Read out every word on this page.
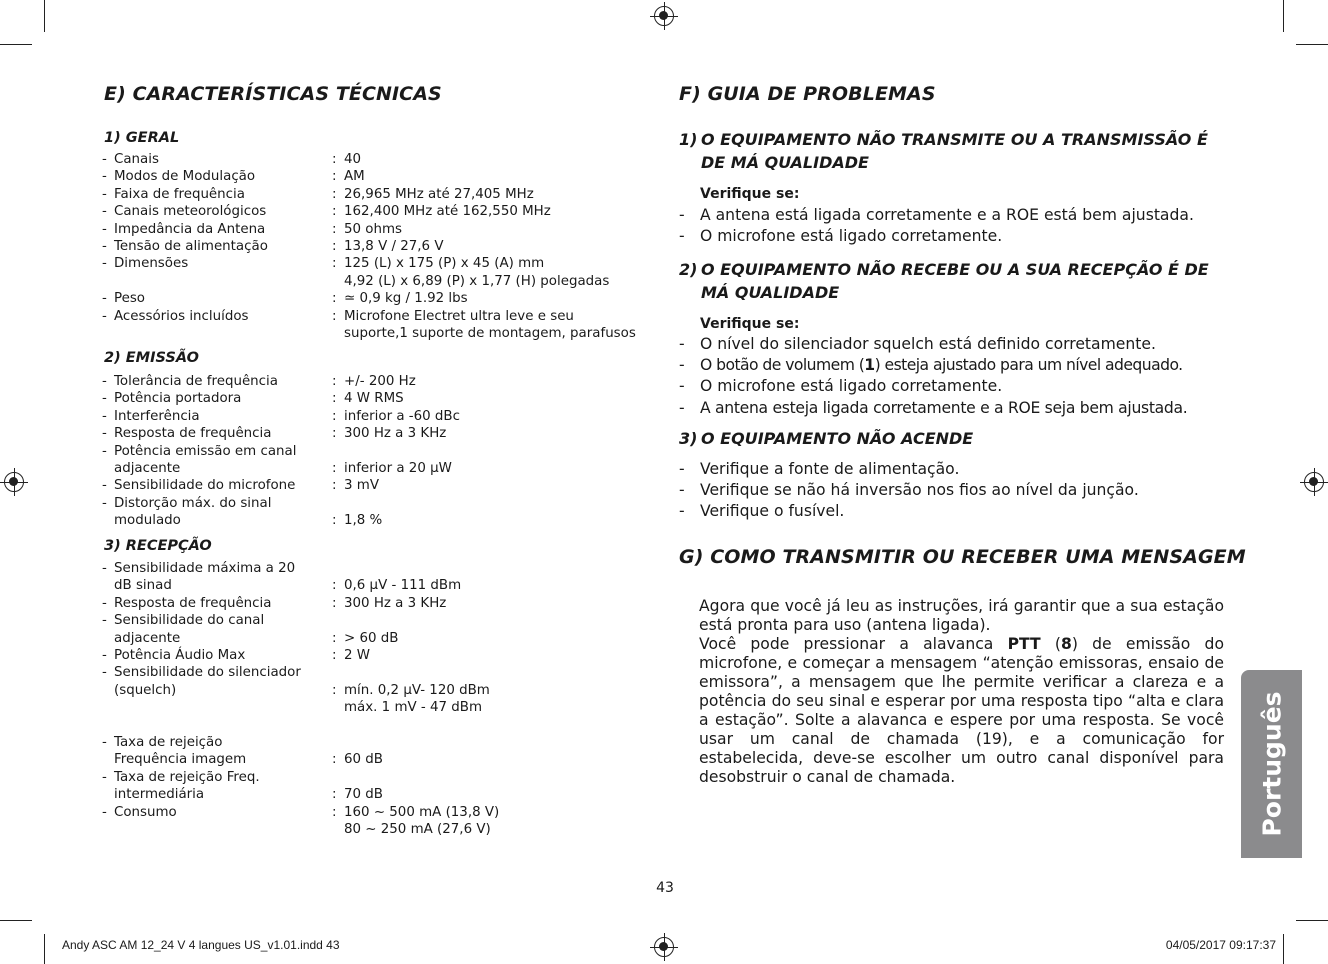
E) CARACTERÍSTICAS TÉCNICAS
1) GERAL
- Canais	: 40
- Modos de Modulação	: AM
- Faixa de frequência	: 26,965 MHz até 27,405 MHz
- Canais meteorológicos	: 162,400 MHz até 162,550 MHz
- Impedância da Antena	: 50 ohms
- Tensão de alimentação	: 13,8 V / 27,6 V
- Dimensões	: 125 (L) x 175 (P) x 45 (A) mm

4,92 (L) x 6,89 (P) x 1,77 (H) polegadas
- Peso	: ≃ 0,9 kg / 1.92 lbs
- Acessórios incluídos	: Microfone Electret ultra leve e seu

suporte,1 suporte de montagem, parafusos
2) EMISSÃO
- Tolerância de frequência	: +/- 200 Hz
- Potência portadora	: 4 W RMS
- Interferência	: inferior a -60 dBc
- Resposta de frequência	: 300 Hz a 3 KHz
- Potência emissão em canal

adjacente	: inferior a 20 µW
- Sensibilidade do microfone	: 3 mV
- Distorção máx. do sinal

modulado	: 1,8 %
3) RECEPÇÃO
- Sensibilidade máxima a 20

dB sinad	: 0,6 µV - 111 dBm
- Resposta de frequência	: 300 Hz a 3 KHz
- Sensibilidade do canal

adjacente	: > 60 dB
- Potência Áudio Max	: 2 W
- Sensibilidade do silenciador

(squelch)	: mín. 0,2 µV- 120 dBm

máx. 1 mV - 47 dBm

- Taxa de rejeição

Frequência imagem	: 60 dB
- Taxa de rejeição Freq.

intermediária	: 70 dB
- Consumo	: 160 ~ 500 mA (13,8 V)

80 ~ 250 mA (27,6 V)
F) GUIA DE PROBLEMAS
1) O EQUIPAMENTO NÃO TRANSMITE OU A TRANSMISSÃO É
DE MÁ QUALIDADE
Verifique se:
- A antena está ligada corretamente e a ROE está bem ajustada.
- O microfone está ligado corretamente.
2) O EQUIPAMENTO NÃO RECEBE OU A SUA RECEPÇÃO É DE
MÁ QUALIDADE
Verifique se:
- O nível do silenciador squelch está definido corretamente.
- O botão de volumem (1) esteja ajustado para um nível adequado.
- O microfone está ligado corretamente.
- A antena esteja ligada corretamente e a ROE seja bem ajustada.
3) O EQUIPAMENTO NÃO ACENDE
- Verifique a fonte de alimentação.
- Verifique se não há inversão nos fios ao nível da junção.
- Verifique o fusível.
G) COMO TRANSMITIR OU RECEBER UMA MENSAGEM
Agora que você já leu as instruções, irá garantir que a sua estação está pronta para uso (antena ligada).
Você pode pressionar a alavanca PTT (8) de emissão do microfone, e começar a mensagem “atenção emissoras, ensaio de emissora”, a mensagem que lhe permite verificar a clareza e a potência do seu sinal e esperar por uma resposta tipo “alta e clara a estação”. Solte a alavanca e espere por uma resposta. Se você usar um canal de chamada (19), e a comunicação for estabelecida, deve-se escolher um outro canal disponível para desobstruir o canal de chamada.	Português
43
Andy ASC AM 12_24 V 4 langues US_v1.01.indd 43	04/05/2017 09:17:37
